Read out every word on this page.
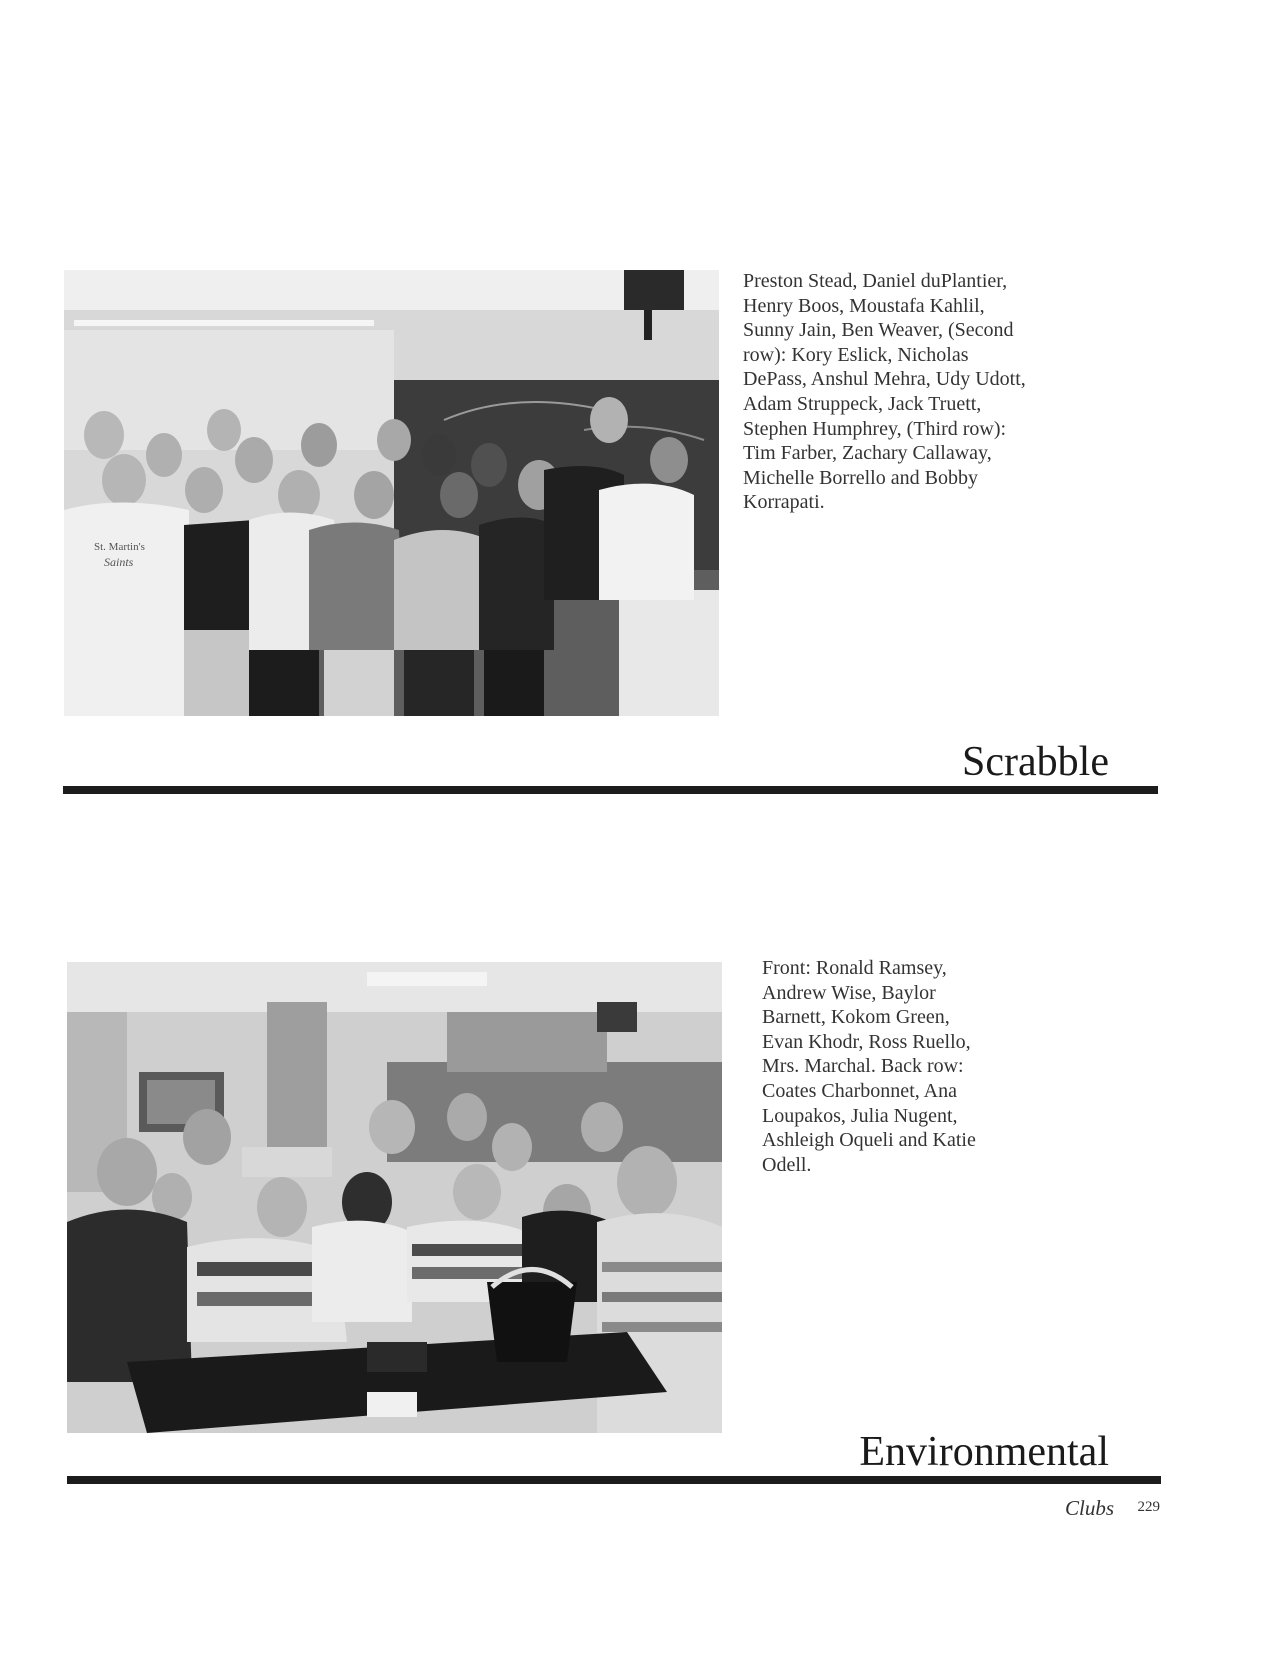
St. Martin's
Saints
Preston Stead, Daniel duPlantier, Henry Boos, Moustafa Kahlil, Sunny Jain, Ben Weaver, (Second row): Kory Eslick, Nicholas DePass, Anshul Mehra, Udy Udott, Adam Struppeck, Jack Truett, Stephen Humphrey, (Third row): Tim Farber, Zachary Callaway, Michelle Borrello and Bobby Korrapati.
Scrabble
Front: Ronald Ramsey, Andrew Wise, Baylor Barnett, Kokom Green, Evan Khodr, Ross Ruello, Mrs. Marchal. Back row: Coates Charbonnet, Ana Loupakos, Julia Nugent, Ashleigh Oqueli and Katie Odell.
Environmental
Clubs 229
